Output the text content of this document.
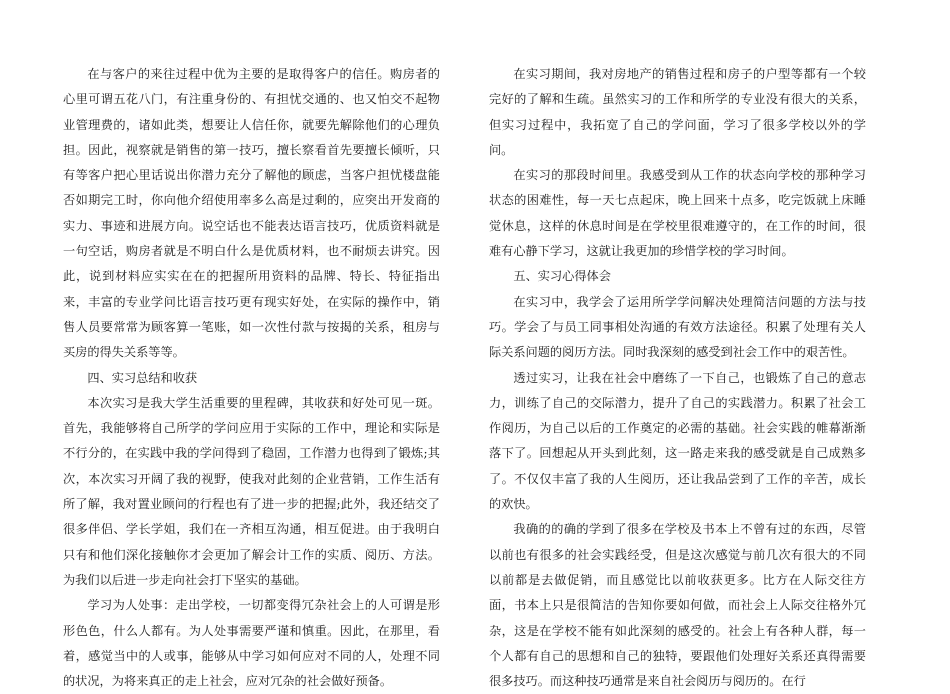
在与客户的来往过程中优为主要的是取得客户的信任。购房者的心里可谓五花八门，有注重身份的、有担忧交通的、也又怕交不起物业管理费的，诸如此类，想要让人信任你，就要先解除他们的心理负担。因此，视察就是销售的第一技巧，擅长察看首先要擅长倾听，只有等客户把心里话说出你潜力充分了解他的顾虑，当客户担忧楼盘能否如期完工时，你向他介绍使用率多么高是过剩的，应突出开发商的实力、事迹和进展方向。说空话也不能表达语言技巧，优质资料就是一句空话，购房者就是不明白什么是优质材料，也不耐烦去讲究。因此，说到材料应实实在在的把握所用资料的品牌、特长、特征指出来，丰富的专业学问比语言技巧更有现实好处，在实际的操作中，销售人员要常常为顾客算一笔账，如一次性付款与按揭的关系，租房与买房的得失关系等等。

四、实习总结和收获

本次实习是我大学生活重要的里程碑，其收获和好处可见一斑。首先，我能够将自己所学的学问应用于实际的工作中，理论和实际是不行分的，在实践中我的学问得到了稳固，工作潜力也得到了锻炼;其次，本次实习开阔了我的视野，使我对此刻的企业营销，工作生活有所了解，我对置业顾问的行程也有了进一步的把握;此外，我还结交了很多伴侣、学长学姐，我们在一齐相互沟通，相互促进。由于我明白只有和他们深化接触你才会更加了解会计工作的实质、阅历、方法。为我们以后进一步走向社会打下坚实的基础。

学习为人处事：走出学校，一切都变得冗杂社会上的人可谓是形形色色，什么人都有。为人处事需要严谨和慎重。因此，在那里，看着，感觉当中的人或事，能够从中学习如何应对不同的人，处理不同的状况，为将来真正的走上社会，应对冗杂的社会做好预备。

在实习期间，我对房地产的销售过程和房子的户型等都有一个较完好的了解和生疏。虽然实习的工作和所学的专业没有很大的关系，但实习过程中，我拓宽了自己的学问面，学习了很多学校以外的学问。

在实习的那段时间里。我感受到从工作的状态向学校的那种学习状态的困难性，每一天七点起床，晚上回来十点多，吃完饭就上床睡觉休息，这样的休息时间是在学校里很难遵守的，在工作的时间，很难有心静下学习，这就让我更加的珍惜学校的学习时间。

五、实习心得体会

在实习中，我学会了运用所学学问解决处理简洁问题的方法与技巧。学会了与员工同事相处沟通的有效方法途径。积累了处理有关人际关系问题的阅历方法。同时我深刻的感受到社会工作中的艰苦性。

透过实习，让我在社会中磨练了一下自己，也锻炼了自己的意志力，训练了自己的交际潜力，提升了自己的实践潜力。积累了社会工作阅历，为自己以后的工作奠定的必需的基础。社会实践的帷幕渐渐落下了。回想起从开头到此刻，这一路走来我的感受就是自己成熟多了。不仅仅丰富了我的人生阅历，还让我品尝到了工作的辛苦，成长的欢快。

我确的的确的学到了很多在学校及书本上不曾有过的东西，尽管以前也有很多的社会实践经受，但是这次感觉与前几次有很大的不同以前都是去做促销，而且感觉比以前收获更多。比方在人际交往方面，书本上只是很简洁的告知你要如何做，而社会上人际交往格外冗杂，这是在学校不能有如此深刻的感受的。社会上有各种人群，每一个人都有自己的思想和自己的独特，要跟他们处理好关系还真得需要很多技巧。而这种技巧通常是来自社会阅历与阅历的。在行
